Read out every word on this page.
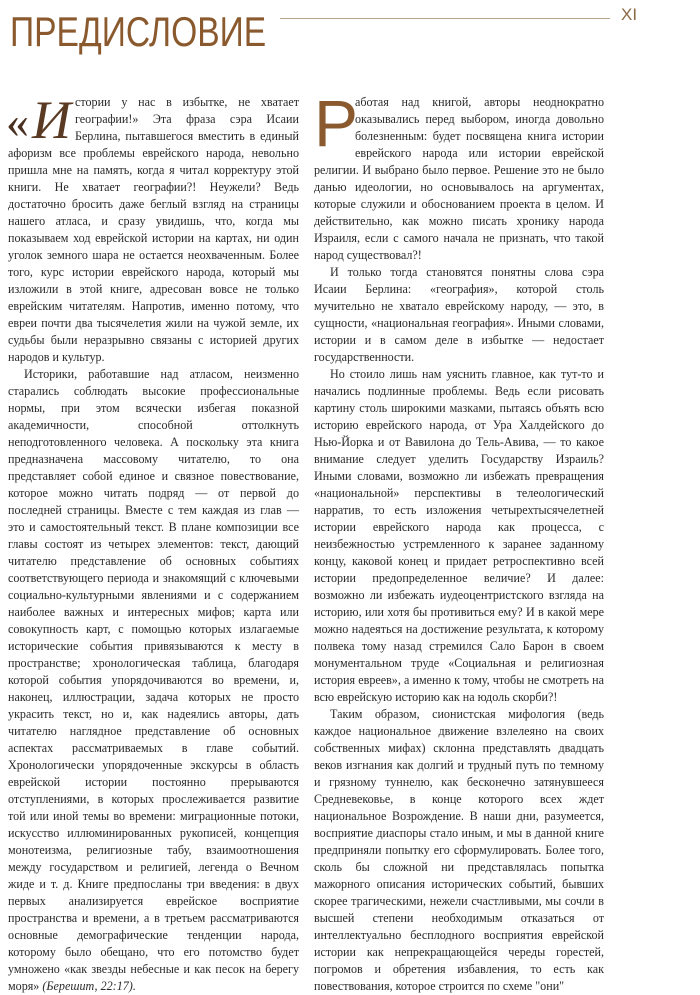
ПРЕДИСЛОВИЕ	XI

« И стории у нас в избытке, не хватает географии!» Эта фраза сэра Исаии Берлина, пытавшегося вместить в единый афоризм все проблемы еврейского народа, невольно пришла мне на память, когда я читал корректуру этой книги. Не хватает географии?! Неужели? Ведь достаточно бросить даже беглый взгляд на страницы нашего атласа, и сразу увидишь, что, когда мы показываем ход еврейской истории на картах, ни один уголок земного шара не остается неохваченным. Более того, курс истории еврейского народа, который мы изложили в этой книге, адресован вовсе не только еврейским читателям. Напротив, именно потому, что евреи почти два тысячелетия жили на чужой земле, их судьбы были неразрывно связаны с историей других народов и культур.

Историки, работавшие над атласом, неизменно старались соблюдать высокие профессиональные нормы, при этом всячески избегая показной академичности, способной оттолкнуть неподготовленного человека. А поскольку эта книга предназначена массовому читателю, то она представляет собой единое и связное повествование, которое можно читать подряд — от первой до последней страницы. Вместе с тем каждая из глав — это и самостоятельный текст. В плане композиции все главы состоят из четырех элементов: текст, дающий читателю представление об основных событиях соответствующего периода и знакомящий с ключевыми социально-культурными явлениями и с содержанием наиболее важных и интересных мифов; карта или совокупность карт, с помощью которых излагаемые исторические события привязываются к месту в пространстве; хронологическая таблица, благодаря которой события упорядочиваются во времени, и, наконец, иллюстрации, задача которых не просто украсить текст, но и, как надеялись авторы, дать читателю наглядное представление об основных аспектах рассматриваемых в главе событий. Хронологически упорядоченные экскурсы в область еврейской истории постоянно прерываются отступлениями, в которых прослеживается развитие той или иной темы во времени: миграционные потоки, искусство иллюминированных рукописей, концепция монотеизма, религиозные табу, взаимоотношения между государством и религией, легенда о Вечном жиде и т. д. Книге предпосланы три введения: в двух первых анализируется еврейское восприятие пространства и времени, а в третьем рассматриваются основные демографические тенденции народа, которому было обещано, что его потомство будет умножено «как звезды небесные и как песок на берегу моря» (Берешит, 22:17).

Р
аботая над книгой, авторы неоднократно оказывались перед выбором, иногда довольно болезненным: будет посвящена книга истории еврейского народа или истории еврейской религии. И выбрано было первое. Решение это не было данью идеологии, но основывалось на аргументах, которые служили и обоснованием проекта в целом. И действительно, как можно писать хронику народа Израиля, если с самого начала не признать, что такой народ существовал?!

И только тогда становятся понятны слова сэра Исаии Берлина: «география», которой столь мучительно не хватало еврейскому народу, — это, в сущности, «национальная география». Иными словами, истории и в самом деле в избытке — недостает государственности.

Но стоило лишь нам уяснить главное, как тут-то и начались подлинные проблемы. Ведь если рисовать картину столь широкими мазками, пытаясь объять всю историю еврейского народа, от Ура Халдейского до Нью-Йорка и от Вавилона до Тель-Авива, — то какое внимание следует уделить Государству Израиль? Иными словами, возможно ли избежать превращения «национальной» перспективы в телеологический нарратив, то есть изложения четырехтысячелетней истории еврейского народа как процесса, с неизбежностью устремленного к заранее заданному концу, каковой конец и придает ретроспективно всей истории предопределенное величие? И далее: возможно ли избежать иудеоцентристского взгляда на историю, или хотя бы противиться ему? И в какой мере можно надеяться на достижение результата, к которому полвека тому назад стремился Сало Барон в своем монументальном труде «Социальная и религиозная история евреев», а именно к тому, чтобы не смотреть на всю еврейскую историю как на юдоль скорби?!

Таким образом, сионистская мифология (ведь каждое национальное движение взлелеяно на своих собственных мифах) склонна представлять двадцать веков изгнания как долгий и трудный путь по темному и грязному туннелю, как бесконечно затянувшееся Средневековье, в конце которого всех ждет национальное Возрождение. В наши дни, разумеется, восприятие диаспоры стало иным, и мы в данной книге предприняли попытку его сформулировать. Более того, сколь бы сложной ни представлялась попытка мажорного описания исторических событий, бывших скорее трагическими, нежели счастливыми, мы сочли в высшей степени необходимым отказаться от интеллектуально бесплодного восприятия еврейской истории как непрекращающейся череды горестей, погромов и обретения избавления, то есть как повествования, которое строится по схеме "они"
